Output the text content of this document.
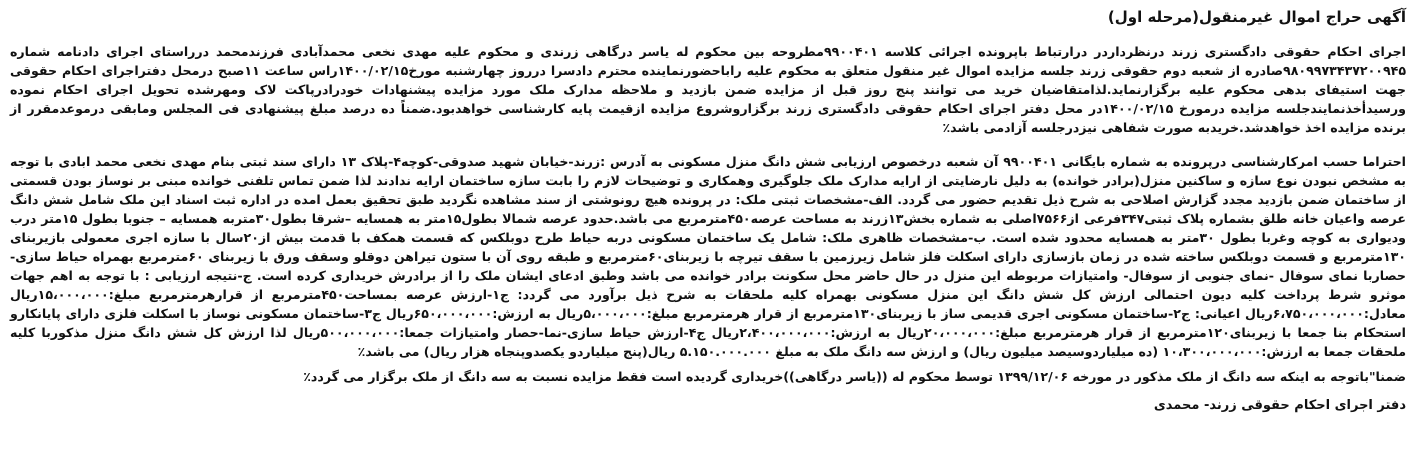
آگهی حراج اموال غیرمنقول(مرحله اول)

اجرای احکام حقوقی دادگستری زرند درنظرداردر درارتباط باپرونده اجرائی کلاسه ۹۹۰۰۴۰۱مطروحه بین محکوم له یاسر درگاهی زرندی و محکوم علیه مهدی نخعی محمدآبادی فرزندمحمد درراستای اجرای دادنامه شماره ۹۸۰۹۹۷۳۴۳۷۲۰۰۹۴۵صادره از شعبه دوم حقوقی زرند جلسه مزایده اموال غیر منقول متعلق به محکوم علیه راباحضورنماینده محترم دادسرا درروز چهارشنبه مورخ۱۴۰۰/۰۲/۱۵راس ساعت ۱۱صبح درمحل دفتراجرای احکام حقوقی جهت استیفای بدهی محکوم علیه برگزارنماید.لذامتقاضیان خرید می توانند پنج روز قبل از مزایده ضمن بازدید و ملاحظه مدارک ملک مورد مزایده پیشنهادات خودرادرپاکت لاک ومهرشده تحویل اجرای احکام نموده ورسیدأخذنمایندجلسه مزایده درمورخ ۱۴۰۰/۰۲/۱۵در محل دفتر اجرای احکام حقوقی دادگستری زرند برگزاروشروع مزایده ازقیمت پایه کارشناسی خواهدبود.ضمناً ده درصد مبلغ پیشنهادی فی المجلس ومابقی درموعدمقرر از برنده مزایده اخذ خواهدشد.خریدبه صورت شفاهی نیزدرجلسه آزادمی باشد٪

احتراما حسب امرکارشناسی درپرونده به شماره بایگانی ۹۹۰۰۴۰۱ آن شعبه درخصوص ارزیابی شش دانگ منزل مسکونی به آدرس :زرند-خیابان شهید صدوقی-کوچه۴-پلاک ۱۳ دارای سند ثبتی بنام مهدی نخعی محمد ابادی با توجه به مشخص نبودن نوع سازه و ساکنین منزل(برادر خوانده) به دلیل نارضایتی از ارایه مدارک ملک جلوگیری وهمکاری و توضیحات لازم را بابت سازه ساختمان ارایه ندادند لذا ضمن تماس تلفنی خوانده مبنی بر نوساز بودن قسمتی از ساختمان ضمن بازدید مجدد گزارش اصلاحی به شرح ذیل تقدیم حضور می گردد. الف-مشخصات ثبتی ملک: در پرونده هیچ رونوشتی از سند مشاهده نگردید طبق تحقیق بعمل امده در اداره ثبت اسناد این ملک شامل شش دانگ عرصه واعیان خانه طلق بشماره پلاک ثبتی۳۴۷فرعی از۷۵۶۶اصلی به شماره بخش۱۳زرند به مساحت عرصه۴۵۰مترمربع می باشد.حدود عرصه شمالا بطول۱۵متر به همسایه –شرقا بطول۳۰متربه همسایه – جنوبا بطول ۱۵متر درب ودیواری به کوچه وغربا بطول ۳۰متر به همسایه محدود شده است. ب-مشخصات ظاهری ملک: شامل یک ساختمان مسکونی دربه حیاط طرح دوبلکس که قسمت همکف با قدمت بیش از۲۰سال با سازه اجری معمولی بازیربنای ۱۳۰مترمربع و قسمت دوبلکس ساخته شده در زمان بازسازی دارای اسکلت فلز شامل زیرزمین با سقف تیرچه با زیربنای۶۰مترمربع و طبقه روی آن با ستون تیراهن دوقلو وسقف ورق با زیربنای ۶۰مترمربع بهمراه حیاط سازی-حصاربا نمای سوفال -نمای جنوبی از سوفال- وامتیازات مربوطه این منزل در حال حاضر محل سکونت برادر خوانده می باشد وطبق ادعای ایشان ملک را از برادرش خریداری کرده است. ج-نتیجه ارزیابی : با توجه به اهم جهات موثرو شرط پرداخت کلیه دیون احتمالی ارزش کل شش دانگ این منزل مسکونی بهمراه کلیه ملحقات به شرح ذیل برآورد می گردد: ج۱-ارزش عرصه بمساحت۴۵۰مترمربع از قرارهرمترمربع مبلغ:۱۵،۰۰۰،۰۰۰ریال معادل:۶،۷۵۰،۰۰۰،۰۰۰ریال اعیانی: ج۲-ساختمان مسکونی اجری قدیمی ساز با زیربنای۱۳۰مترمربع از قرار هرمترمربع مبلغ:۵،۰۰۰،۰۰۰ریال به ارزش:۶۵۰،۰۰۰،۰۰۰ریال ج۳-ساختمان مسکونی نوساز با اسکلت فلزی دارای پایانکارو استحکام بنا جمعا با زیربنای۱۲۰مترمربع از قرار هرمترمربع مبلغ:۲۰،۰۰۰،۰۰۰ریال به ارزش:۲،۴۰۰،۰۰۰،۰۰۰ریال ج۴-ارزش حیاط سازی-نما-حصار وامتیازات جمعا:۵۰۰،۰۰۰،۰۰۰ریال لذا ارزش کل شش دانگ منزل مذکوربا کلیه ملحقات جمعا به ارزش:۱۰،۳۰۰،۰۰۰،۰۰۰ (ده میلیاردوسیصد میلیون ریال) و ارزش سه دانگ ملک به مبلغ ۵.۱۵۰.۰۰۰.۰۰۰ ریال(پنج میلیاردو یکصدوپنجاه هزار ریال) می باشد٪

ضمنا"باتوجه به اینکه سه دانگ از ملک مذکور در مورخه ۱۳۹۹/۱۲/۰۶ توسط محکوم له ((یاسر درگاهی))خریداری گردیده است فقط مزایده نسبت به سه دانگ از ملک برگزار می گردد٪

دفتر اجرای احکام حقوقی زرند- محمدی
